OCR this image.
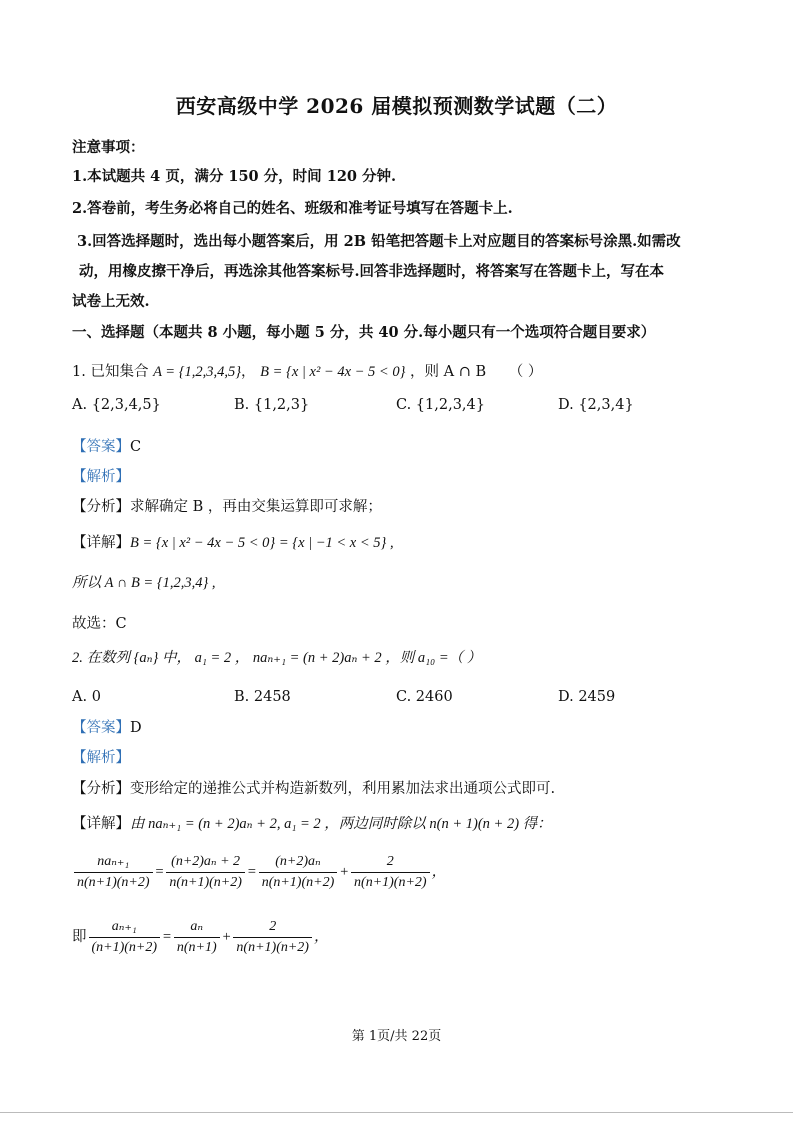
西安高级中学 2026 届模拟预测数学试题（二）
注意事项：
1.本试题共 4 页，满分 150 分，时间 120 分钟.
2.答卷前，考生务必将自己的姓名、班级和准考证号填写在答题卡上.
3.回答选择题时，选出每小题答案后，用 2B 铅笔把答题卡上对应题目的答案标号涂黑.如需改
动，用橡皮擦干净后，再选涂其他答案标号.回答非选择题时，将答案写在答题卡上，写在本
试卷上无效.
一、选择题（本题共 8 小题，每小题 5 分，共 40 分.每小题只有一个选项符合题目要求）
1. 已知集合 A = {1,2,3,4,5}， B = {x | x² − 4x − 5 < 0} ，则 A ∩ B （ ）
A. {2,3,4,5}	B. {1,2,3}	C. {1,2,3,4}	D. {2,3,4}
【答案】C
【解析】
【分析】求解确定 B ，再由交集运算即可求解；
【详解】B = {x | x² − 4x − 5 < 0} = {x | −1 < x < 5} ,
所以 A ∩ B = {1,2,3,4} ,
故选：C
2. 在数列 {aₙ} 中， a₁ = 2 ， naₙ₊₁ = (n + 2)aₙ + 2 ，则 a₁₀ =（ ）
A. 0	B. 2458	C. 2460	D. 2459
【答案】D
【解析】
【分析】变形给定的递推公式并构造新数列，利用累加法求出通项公式即可.
【详解】由 naₙ₊₁ = (n + 2)aₙ + 2, a₁ = 2 ，两边同时除以 n(n + 1)(n + 2) 得：
$\frac{\text{naₙ₊₁}}{n(n+1)(n+2)} = \frac{\text{(n+2)aₙ + 2}}{n(n+1)(n+2)} = \frac{\text{(n+2)aₙ}}{n(n+1)(n+2)} + \frac{2}{n(n+1)(n+2)}$ ，
即 $\frac{\text{aₙ₊₁}}{(n+1)(n+2)} = \frac{\text{aₙ}}{n(n+1)} + \frac{2}{n(n+1)(n+2)}$ ，
第 1页/共 22页
